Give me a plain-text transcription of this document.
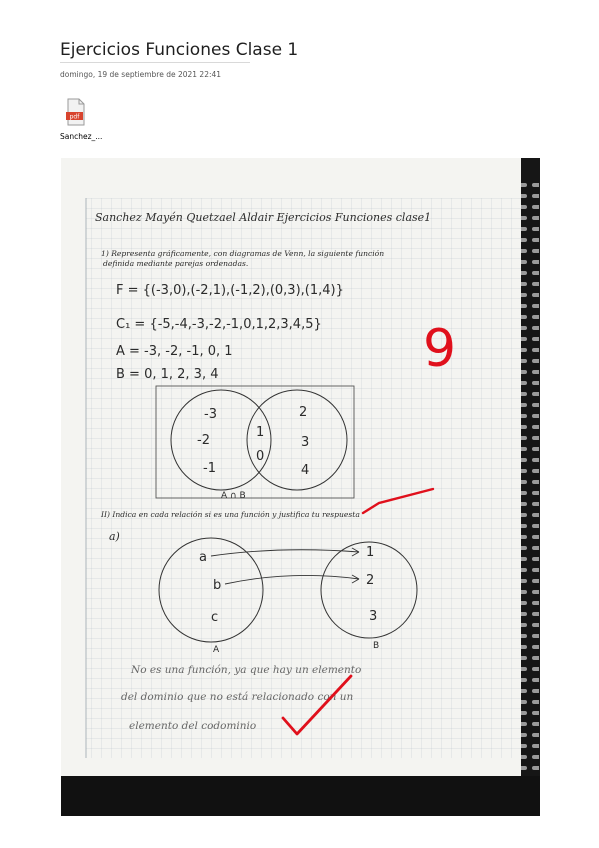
Ejercicios Funciones Clase 1
domingo, 19 de septiembre de 2021 22:41
pdf
Sanchez_...
Sanchez Mayén Quetzael Aldair Ejercicios Funciones clase1
1) Representa gráficamente, con diagramas de Venn, la siguiente función
definida mediante parejas ordenadas.
F = {(-3,0),(-2,1),(-1,2),(0,3),(1,4)}
C₁ = {-5,-4,-3,-2,-1,0,1,2,3,4,5}
A = -3, -2, -1, 0, 1
B = 0, 1, 2, 3, 4	9
-3
-2
-1
1
0
2
3
4
A ∩ B
II) Indica en cada relación si es una función y justifica tu respuesta
a)
a
b
c
1
2
3
A	B
No es una función, ya que hay un elemento
del dominio que no está relacionado con un
elemento del codominio
